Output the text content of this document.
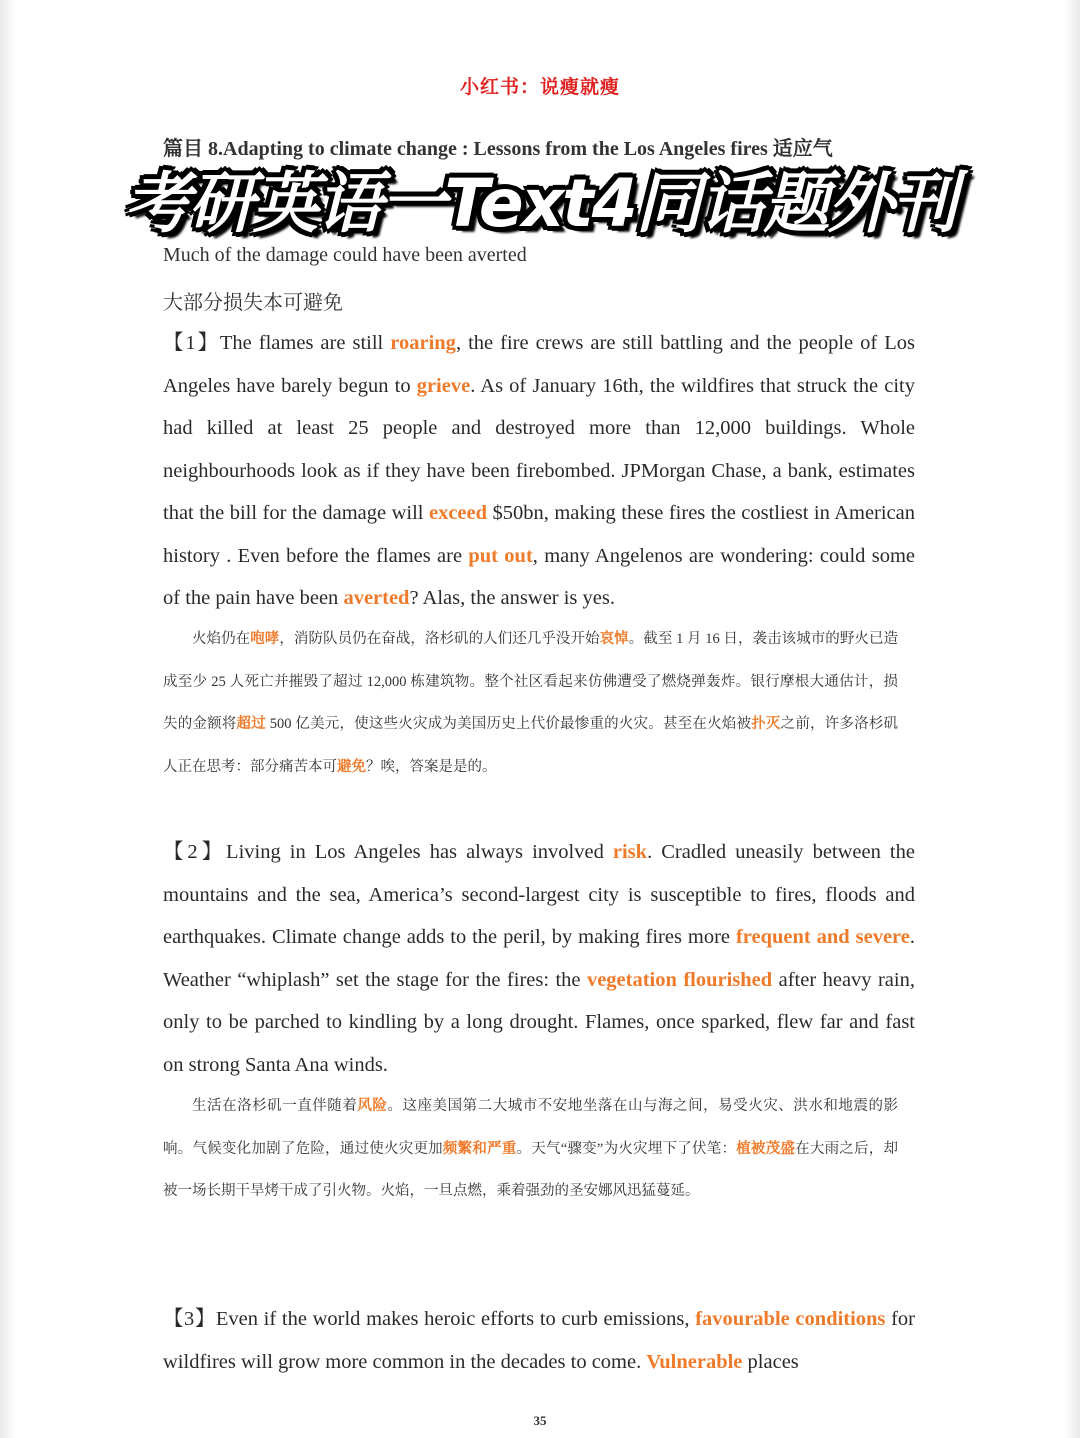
小红书：说瘦就瘦
篇目 8.Adapting to climate change : Lessons from the Los Angeles fires 适应气
考研英语一Text4同话题外刊
Much of the damage could have been averted
大部分损失本可避免
【1】The flames are still roaring, the fire crews are still battling and the people of Los Angeles have barely begun to grieve. As of January 16th, the wildfires that struck the city had killed at least 25 people and destroyed more than 12,000 buildings. Whole neighbourhoods look as if they have been firebombed. JPMorgan Chase, a bank, estimates that the bill for the damage will exceed $50bn, making these fires the costliest in American history . Even before the flames are put out, many Angelenos are wondering: could some of the pain have been averted? Alas, the answer is yes.
火焰仍在咆哮，消防队员仍在奋战，洛杉矶的人们还几乎没开始哀悼。截至 1 月 16 日，袭击该城市的野火已造成至少 25 人死亡并摧毁了超过 12,000 栋建筑物。整个社区看起来仿佛遭受了燃烧弹轰炸。银行摩根大通估计，损失的金额将超过 500 亿美元，使这些火灾成为美国历史上代价最惨重的火灾。甚至在火焰被扑灭之前，许多洛杉矶人正在思考：部分痛苦本可避免？唉，答案是是的。
【2】Living in Los Angeles has always involved risk. Cradled uneasily between the mountains and the sea, America’s second-largest city is susceptible to fires, floods and earthquakes. Climate change adds to the peril, by making fires more frequent and severe. Weather “whiplash” set the stage for the fires: the vegetation flourished after heavy rain, only to be parched to kindling by a long drought. Flames, once sparked, flew far and fast on strong Santa Ana winds.
生活在洛杉矶一直伴随着风险。这座美国第二大城市不安地坐落在山与海之间，易受火灾、洪水和地震的影响。气候变化加剧了危险，通过使火灾更加频繁和严重。天气“骤变”为火灾埋下了伏笔：植被茂盛在大雨之后，却被一场长期干旱烤干成了引火物。火焰，一旦点燃，乘着强劲的圣安娜风迅猛蔓延。
【3】Even if the world makes heroic efforts to curb emissions, favourable conditions for wildfires will grow more common in the decades to come. Vulnerable places
35
